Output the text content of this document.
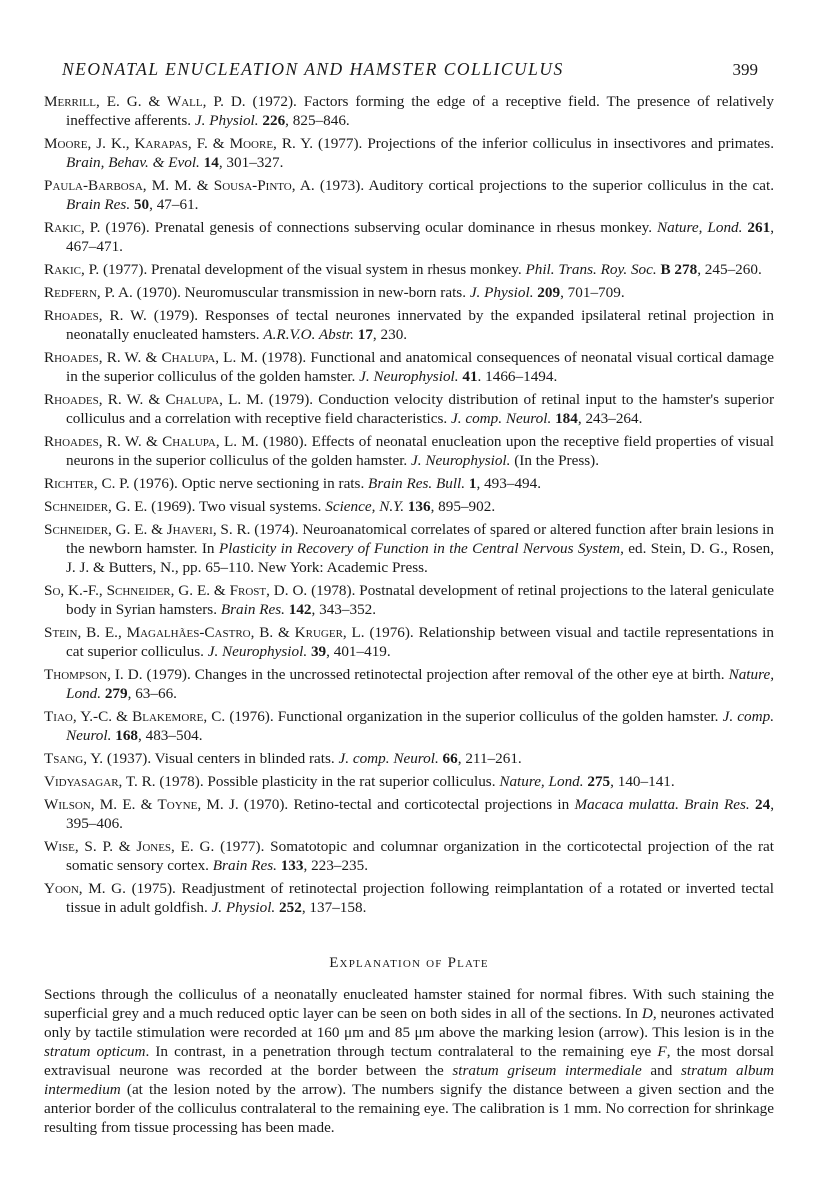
NEONATAL ENUCLEATION AND HAMSTER COLLICULUS	399

Merrill, E. G. & Wall, P. D. (1972). Factors forming the edge of a receptive field. The presence of relatively ineffective afferents. J. Physiol. 226, 825–846.

Moore, J. K., Karapas, F. & Moore, R. Y. (1977). Projections of the inferior colliculus in insectivores and primates. Brain, Behav. & Evol. 14, 301–327.

Paula-Barbosa, M. M. & Sousa-Pinto, A. (1973). Auditory cortical projections to the superior colliculus in the cat. Brain Res. 50, 47–61.

Rakic, P. (1976). Prenatal genesis of connections subserving ocular dominance in rhesus monkey. Nature, Lond. 261, 467–471.

Rakic, P. (1977). Prenatal development of the visual system in rhesus monkey. Phil. Trans. Roy. Soc. B 278, 245–260.

Redfern, P. A. (1970). Neuromuscular transmission in new-born rats. J. Physiol. 209, 701–709.

Rhoades, R. W. (1979). Responses of tectal neurones innervated by the expanded ipsilateral retinal projection in neonatally enucleated hamsters. A.R.V.O. Abstr. 17, 230.

Rhoades, R. W. & Chalupa, L. M. (1978). Functional and anatomical consequences of neonatal visual cortical damage in the superior colliculus of the golden hamster. J. Neurophysiol. 41. 1466–1494.

Rhoades, R. W. & Chalupa, L. M. (1979). Conduction velocity distribution of retinal input to the hamster's superior colliculus and a correlation with receptive field characteristics. J. comp. Neurol. 184, 243–264.

Rhoades, R. W. & Chalupa, L. M. (1980). Effects of neonatal enucleation upon the receptive field properties of visual neurons in the superior colliculus of the golden hamster. J. Neurophysiol. (In the Press).

Richter, C. P. (1976). Optic nerve sectioning in rats. Brain Res. Bull. 1, 493–494.

Schneider, G. E. (1969). Two visual systems. Science, N.Y. 136, 895–902.

Schneider, G. E. & Jhaveri, S. R. (1974). Neuroanatomical correlates of spared or altered function after brain lesions in the newborn hamster. In Plasticity in Recovery of Function in the Central Nervous System, ed. Stein, D. G., Rosen, J. J. & Butters, N., pp. 65–110. New York: Academic Press.

So, K.-F., Schneider, G. E. & Frost, D. O. (1978). Postnatal development of retinal projections to the lateral geniculate body in Syrian hamsters. Brain Res. 142, 343–352.

Stein, B. E., Magalhães-Castro, B. & Kruger, L. (1976). Relationship between visual and tactile representations in cat superior colliculus. J. Neurophysiol. 39, 401–419.

Thompson, I. D. (1979). Changes in the uncrossed retinotectal projection after removal of the other eye at birth. Nature, Lond. 279, 63–66.

Tiao, Y.-C. & Blakemore, C. (1976). Functional organization in the superior colliculus of the golden hamster. J. comp. Neurol. 168, 483–504.

Tsang, Y. (1937). Visual centers in blinded rats. J. comp. Neurol. 66, 211–261.

Vidyasagar, T. R. (1978). Possible plasticity in the rat superior colliculus. Nature, Lond. 275, 140–141.

Wilson, M. E. & Toyne, M. J. (1970). Retino-tectal and corticotectal projections in Macaca mulatta. Brain Res. 24, 395–406.

Wise, S. P. & Jones, E. G. (1977). Somatotopic and columnar organization in the corticotectal projection of the rat somatic sensory cortex. Brain Res. 133, 223–235.

Yoon, M. G. (1975). Readjustment of retinotectal projection following reimplantation of a rotated or inverted tectal tissue in adult goldfish. J. Physiol. 252, 137–158.

Explanation of Plate

Sections through the colliculus of a neonatally enucleated hamster stained for normal fibres. With such staining the superficial grey and a much reduced optic layer can be seen on both sides in all of the sections. In D, neurones activated only by tactile stimulation were recorded at 160 μm and 85 μm above the marking lesion (arrow). This lesion is in the stratum opticum. In contrast, in a penetration through tectum contralateral to the remaining eye F, the most dorsal extravisual neurone was recorded at the border between the stratum griseum intermediale and stratum album intermedium (at the lesion noted by the arrow). The numbers signify the distance between a given section and the anterior border of the colliculus contralateral to the remaining eye. The calibration is 1 mm. No correction for shrinkage resulting from tissue processing has been made.
